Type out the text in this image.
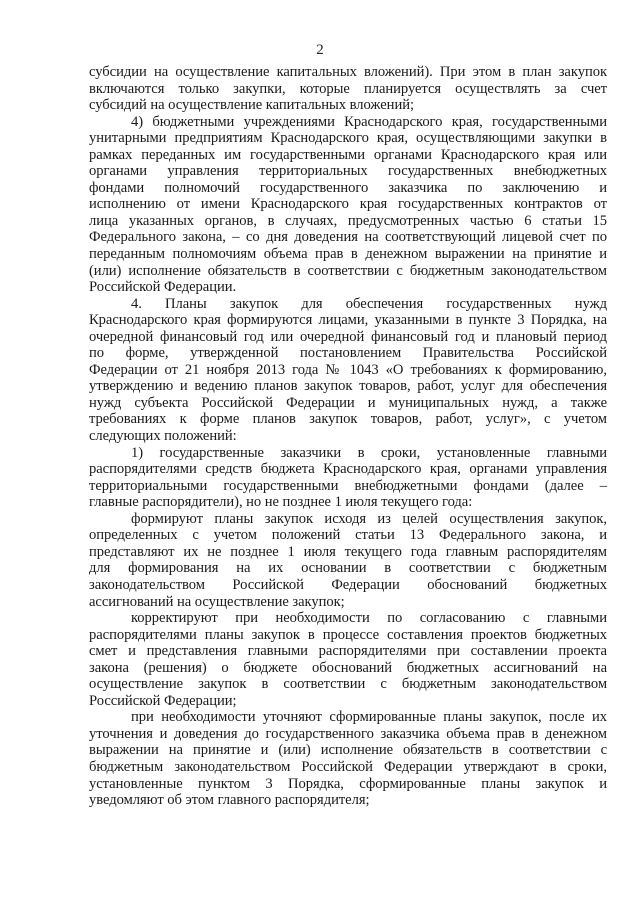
2
субсидии на осуществление капитальных вложений). При этом в план закупок
включаются только закупки, которые планируется осуществлять за счет
субсидий на осуществление капитальных вложений;
4) бюджетными учреждениями Краснодарского края, государственными
унитарными предприятиям Краснодарского края, осуществляющими закупки в
рамках переданных им государственными органами Краснодарского края или
органами управления территориальных государственных внебюджетных
фондами полномочий государственного заказчика по заключению и
исполнению от имени Краснодарского края государственных контрактов от
лица указанных органов, в случаях, предусмотренных частью 6 статьи 15
Федерального закона, – со дня доведения на соответствующий лицевой счет по
переданным полномочиям объема прав в денежном выражении на принятие и
(или) исполнение обязательств в соответствии с бюджетным законодательством
Российской Федерации.
4. Планы закупок для обеспечения государственных нужд
Краснодарского края формируются лицами, указанными в пункте 3 Порядка, на
очередной финансовый год или очередной финансовый год и плановый период
по форме, утвержденной постановлением Правительства Российской
Федерации от 21 ноября 2013 года № 1043 «О требованиях к формированию,
утверждению и ведению планов закупок товаров, работ, услуг для обеспечения
нужд субъекта Российской Федерации и муниципальных нужд, а также
требованиях к форме планов закупок товаров, работ, услуг», с учетом
следующих положений:
1) государственные заказчики в сроки, установленные главными
распорядителями средств бюджета Краснодарского края, органами управления
территориальными государственными внебюджетными фондами (далее –
главные распорядители), но не позднее 1 июля текущего года:
формируют планы закупок исходя из целей осуществления закупок,
определенных с учетом положений статьи 13 Федерального закона, и
представляют их не позднее 1 июля текущего года главным распорядителям
для формирования на их основании в соответствии с бюджетным
законодательством Российской Федерации обоснований бюджетных
ассигнований на осуществление закупок;
корректируют при необходимости по согласованию с главными
распорядителями планы закупок в процессе составления проектов бюджетных
смет и представления главными распорядителями при составлении проекта
закона (решения) о бюджете обоснований бюджетных ассигнований на
осуществление закупок в соответствии с бюджетным законодательством
Российской Федерации;
при необходимости уточняют сформированные планы закупок, после их
уточнения и доведения до государственного заказчика объема прав в денежном
выражении на принятие и (или) исполнение обязательств в соответствии с
бюджетным законодательством Российской Федерации утверждают в сроки,
установленные пунктом 3 Порядка, сформированные планы закупок и
уведомляют об этом главного распорядителя;
